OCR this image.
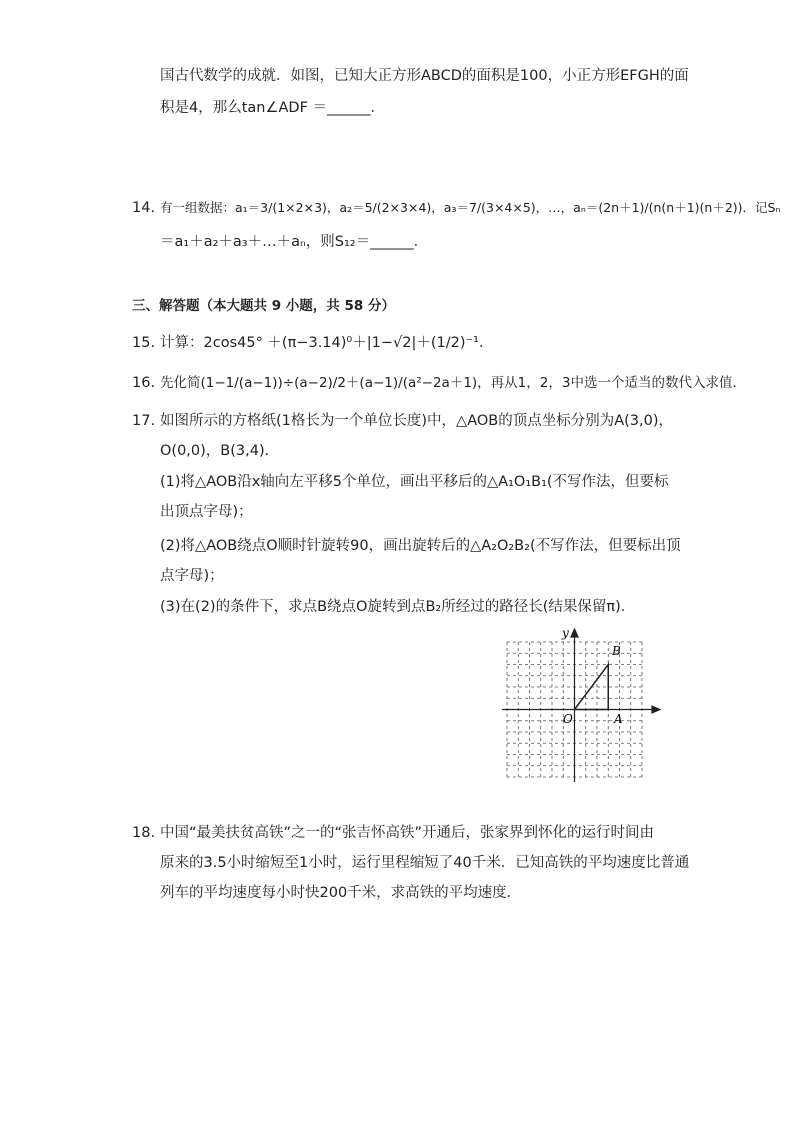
国古代数学的成就．如图，已知大正方形ABCD的面积是100，小正方形EFGH的面
积是4，那么tan∠ADF ＝______．
14. 有一组数据：a₁＝3/(1×2×3)，a₂＝5/(2×3×4)，a₃＝7/(3×4×5)，…，aₙ＝(2n＋1)/(n(n＋1)(n＋2))．记Sₙ
＝a₁＋a₂＋a₃＋…＋aₙ，则S₁₂＝______．
三、解答题（本大题共 9 小题，共 58 分）
15. 计算：2cos45° ＋(π−3.14)⁰＋|1−√2|＋(1/2)⁻¹．
16. 先化简(1−1/(a−1))÷(a−2)/2＋(a−1)/(a²−2a＋1)，再从1，2，3中选一个适当的数代入求值．
17. 如图所示的方格纸(1格长为一个单位长度)中，△AOB的顶点坐标分别为A(3,0)，
O(0,0)，B(3,4)．
(1)将△AOB沿x轴向左平移5个单位，画出平移后的△A₁O₁B₁(不写作法，但要标
出顶点字母)；
(2)将△AOB绕点O顺时针旋转90，画出旋转后的△A₂O₂B₂(不写作法，但要标出顶
点字母)；
(3)在(2)的条件下，求点B绕点O旋转到点B₂所经过的路径长(结果保留π)．
y
O	A
B
18. 中国“最美扶贫高铁”之一的“张吉怀高铁”开通后，张家界到怀化的运行时间由
原来的3.5小时缩短至1小时，运行里程缩短了40千米．已知高铁的平均速度比普通
列车的平均速度每小时快200千米，求高铁的平均速度．
